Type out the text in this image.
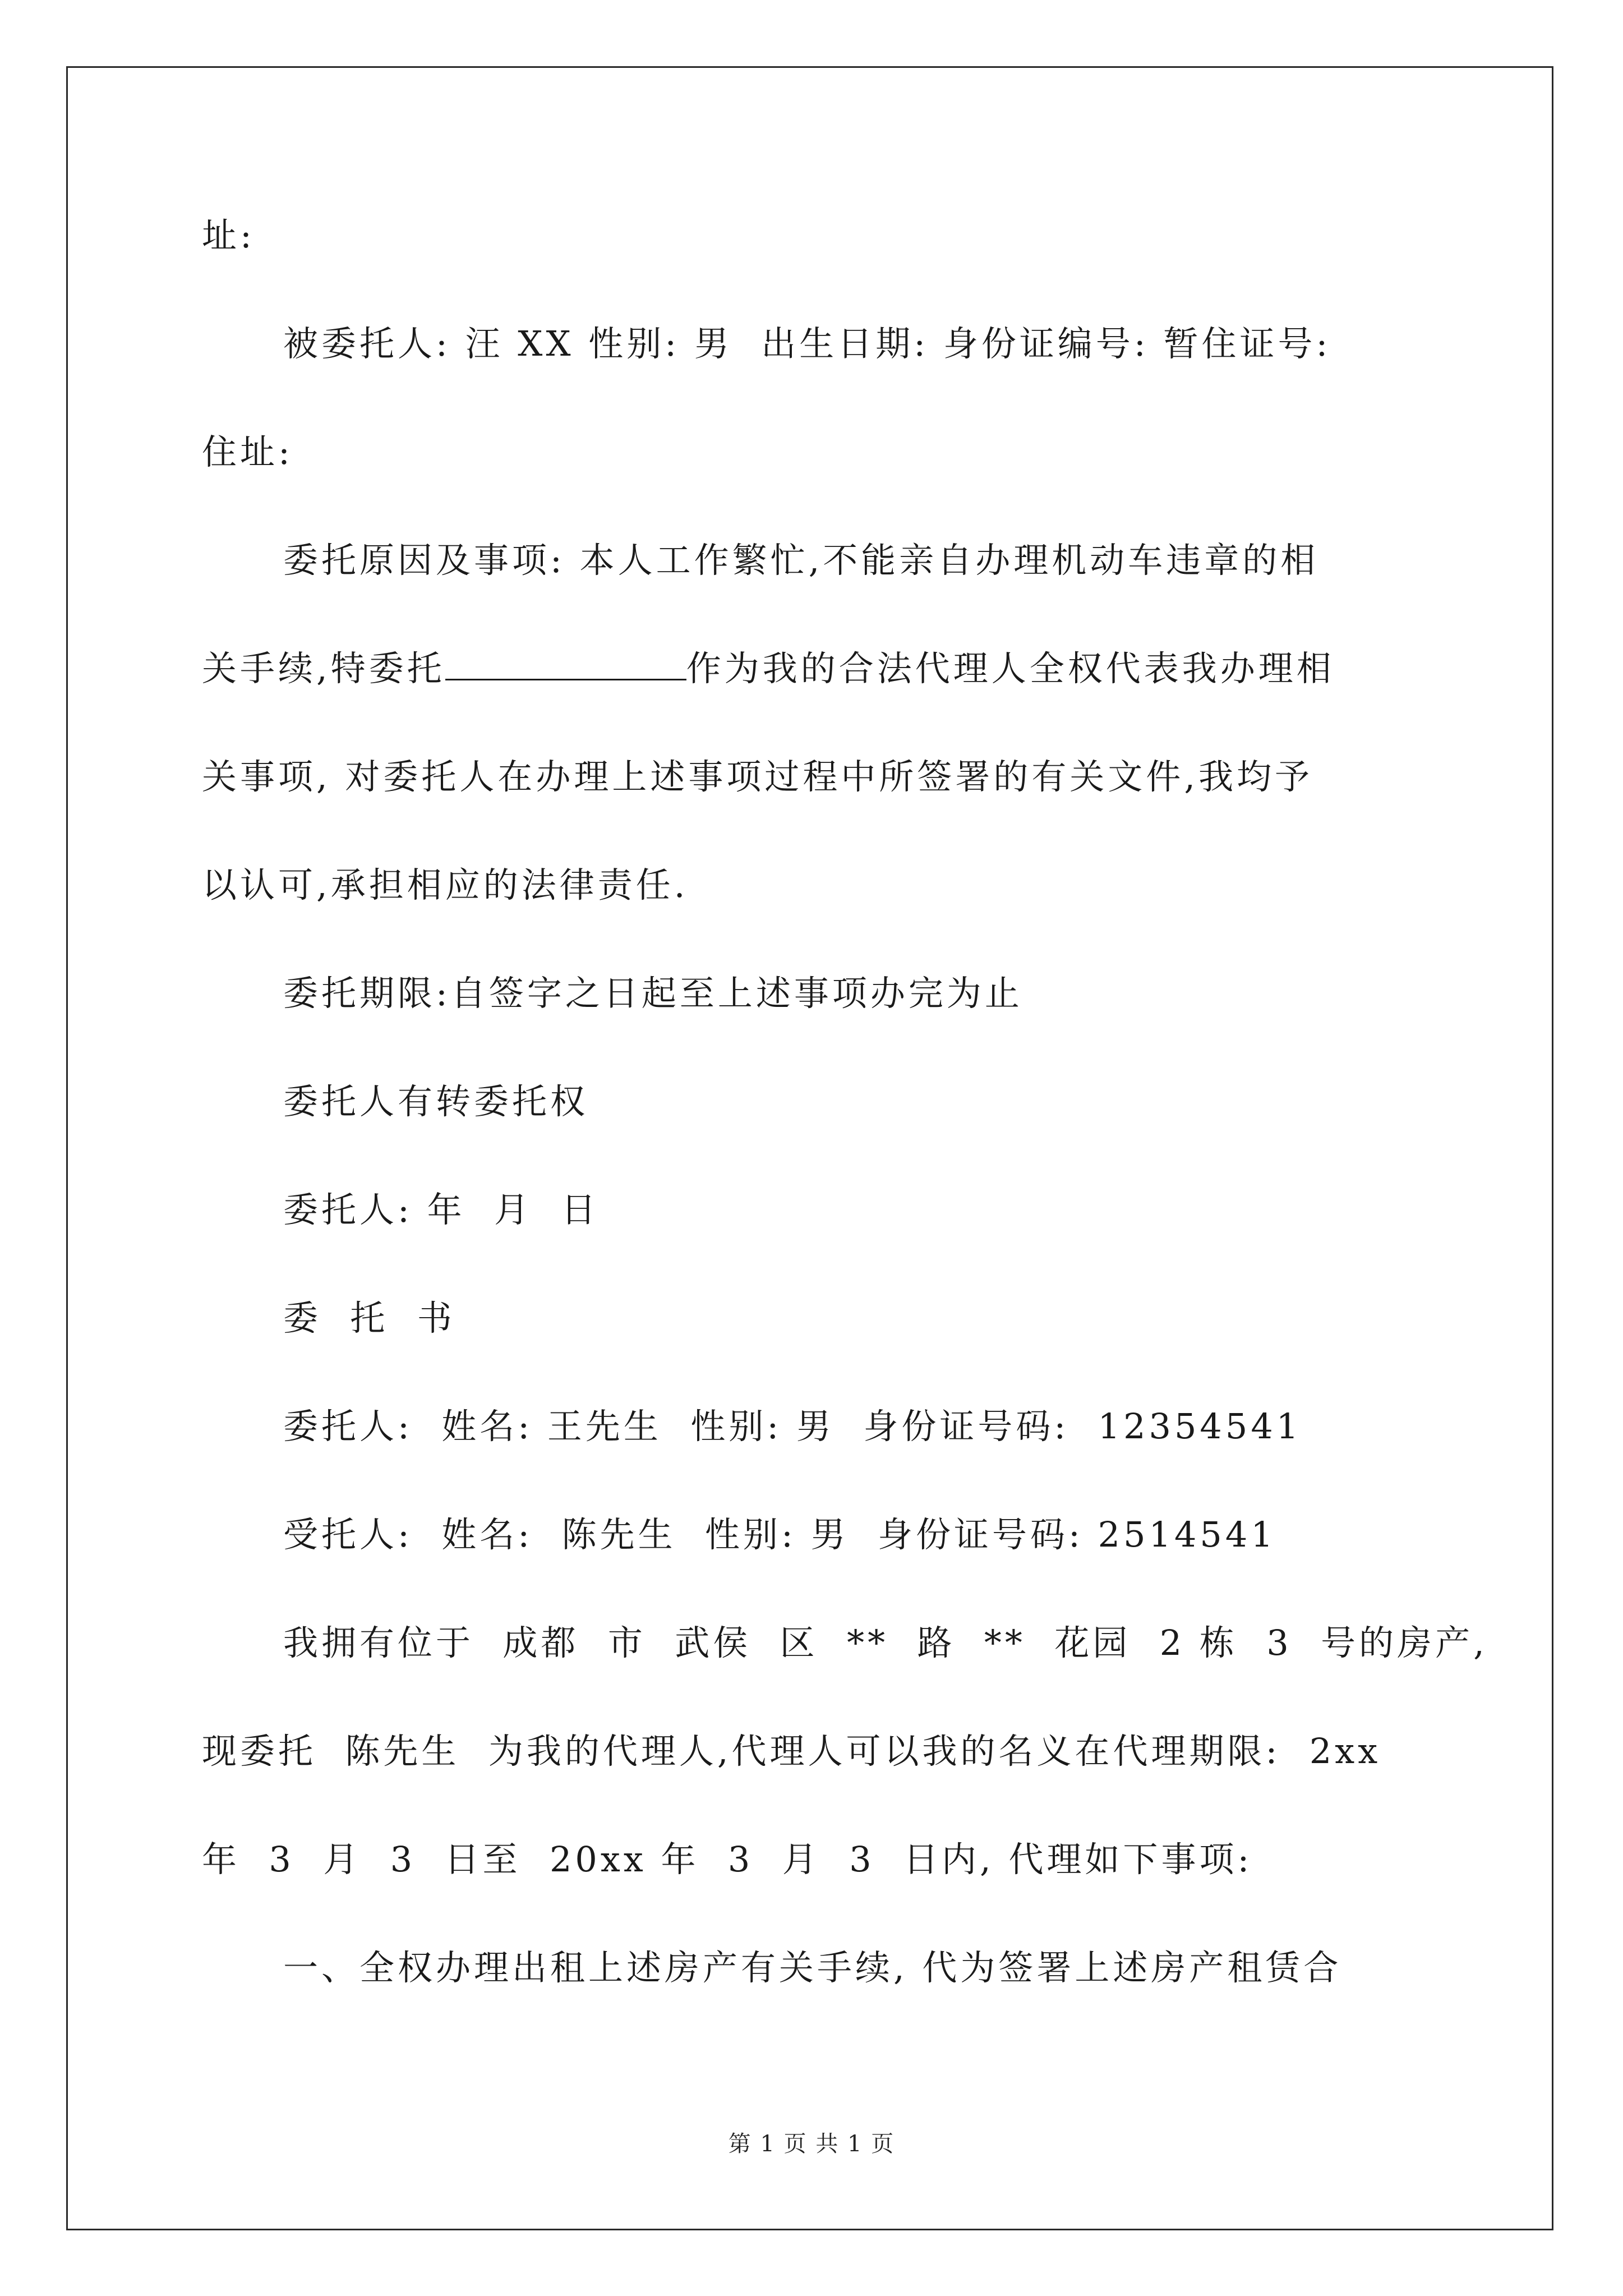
址:
被委托人: 汪 XX 性别: 男  出生日期: 身份证编号: 暂住证号:
住址:
委托原因及事项: 本人工作繁忙,不能亲自办理机动车违章的相
关手续,特委托	作为我的合法代理人全权代表我办理相
关事项, 对委托人在办理上述事项过程中所签署的有关文件,我均予
以认可,承担相应的法律责任.
委托期限:自签字之日起至上述事项办完为止
委托人有转委托权
委托人: 年  月  日
委  托  书
委托人:  姓名: 王先生  性别: 男  身份证号码:  12354541
受托人:  姓名:  陈先生  性别: 男  身份证号码: 2514541
我拥有位于  成都  市  武侯  区  **  路  **  花园  2 栋  3  号的房产,
现委托  陈先生  为我的代理人,代理人可以我的名义在代理期限:  2xx
年  3  月  3  日至  20xx 年  3  月  3  日内, 代理如下事项:
一、全权办理出租上述房产有关手续, 代为签署上述房产租赁合
第 1 页 共 1 页
